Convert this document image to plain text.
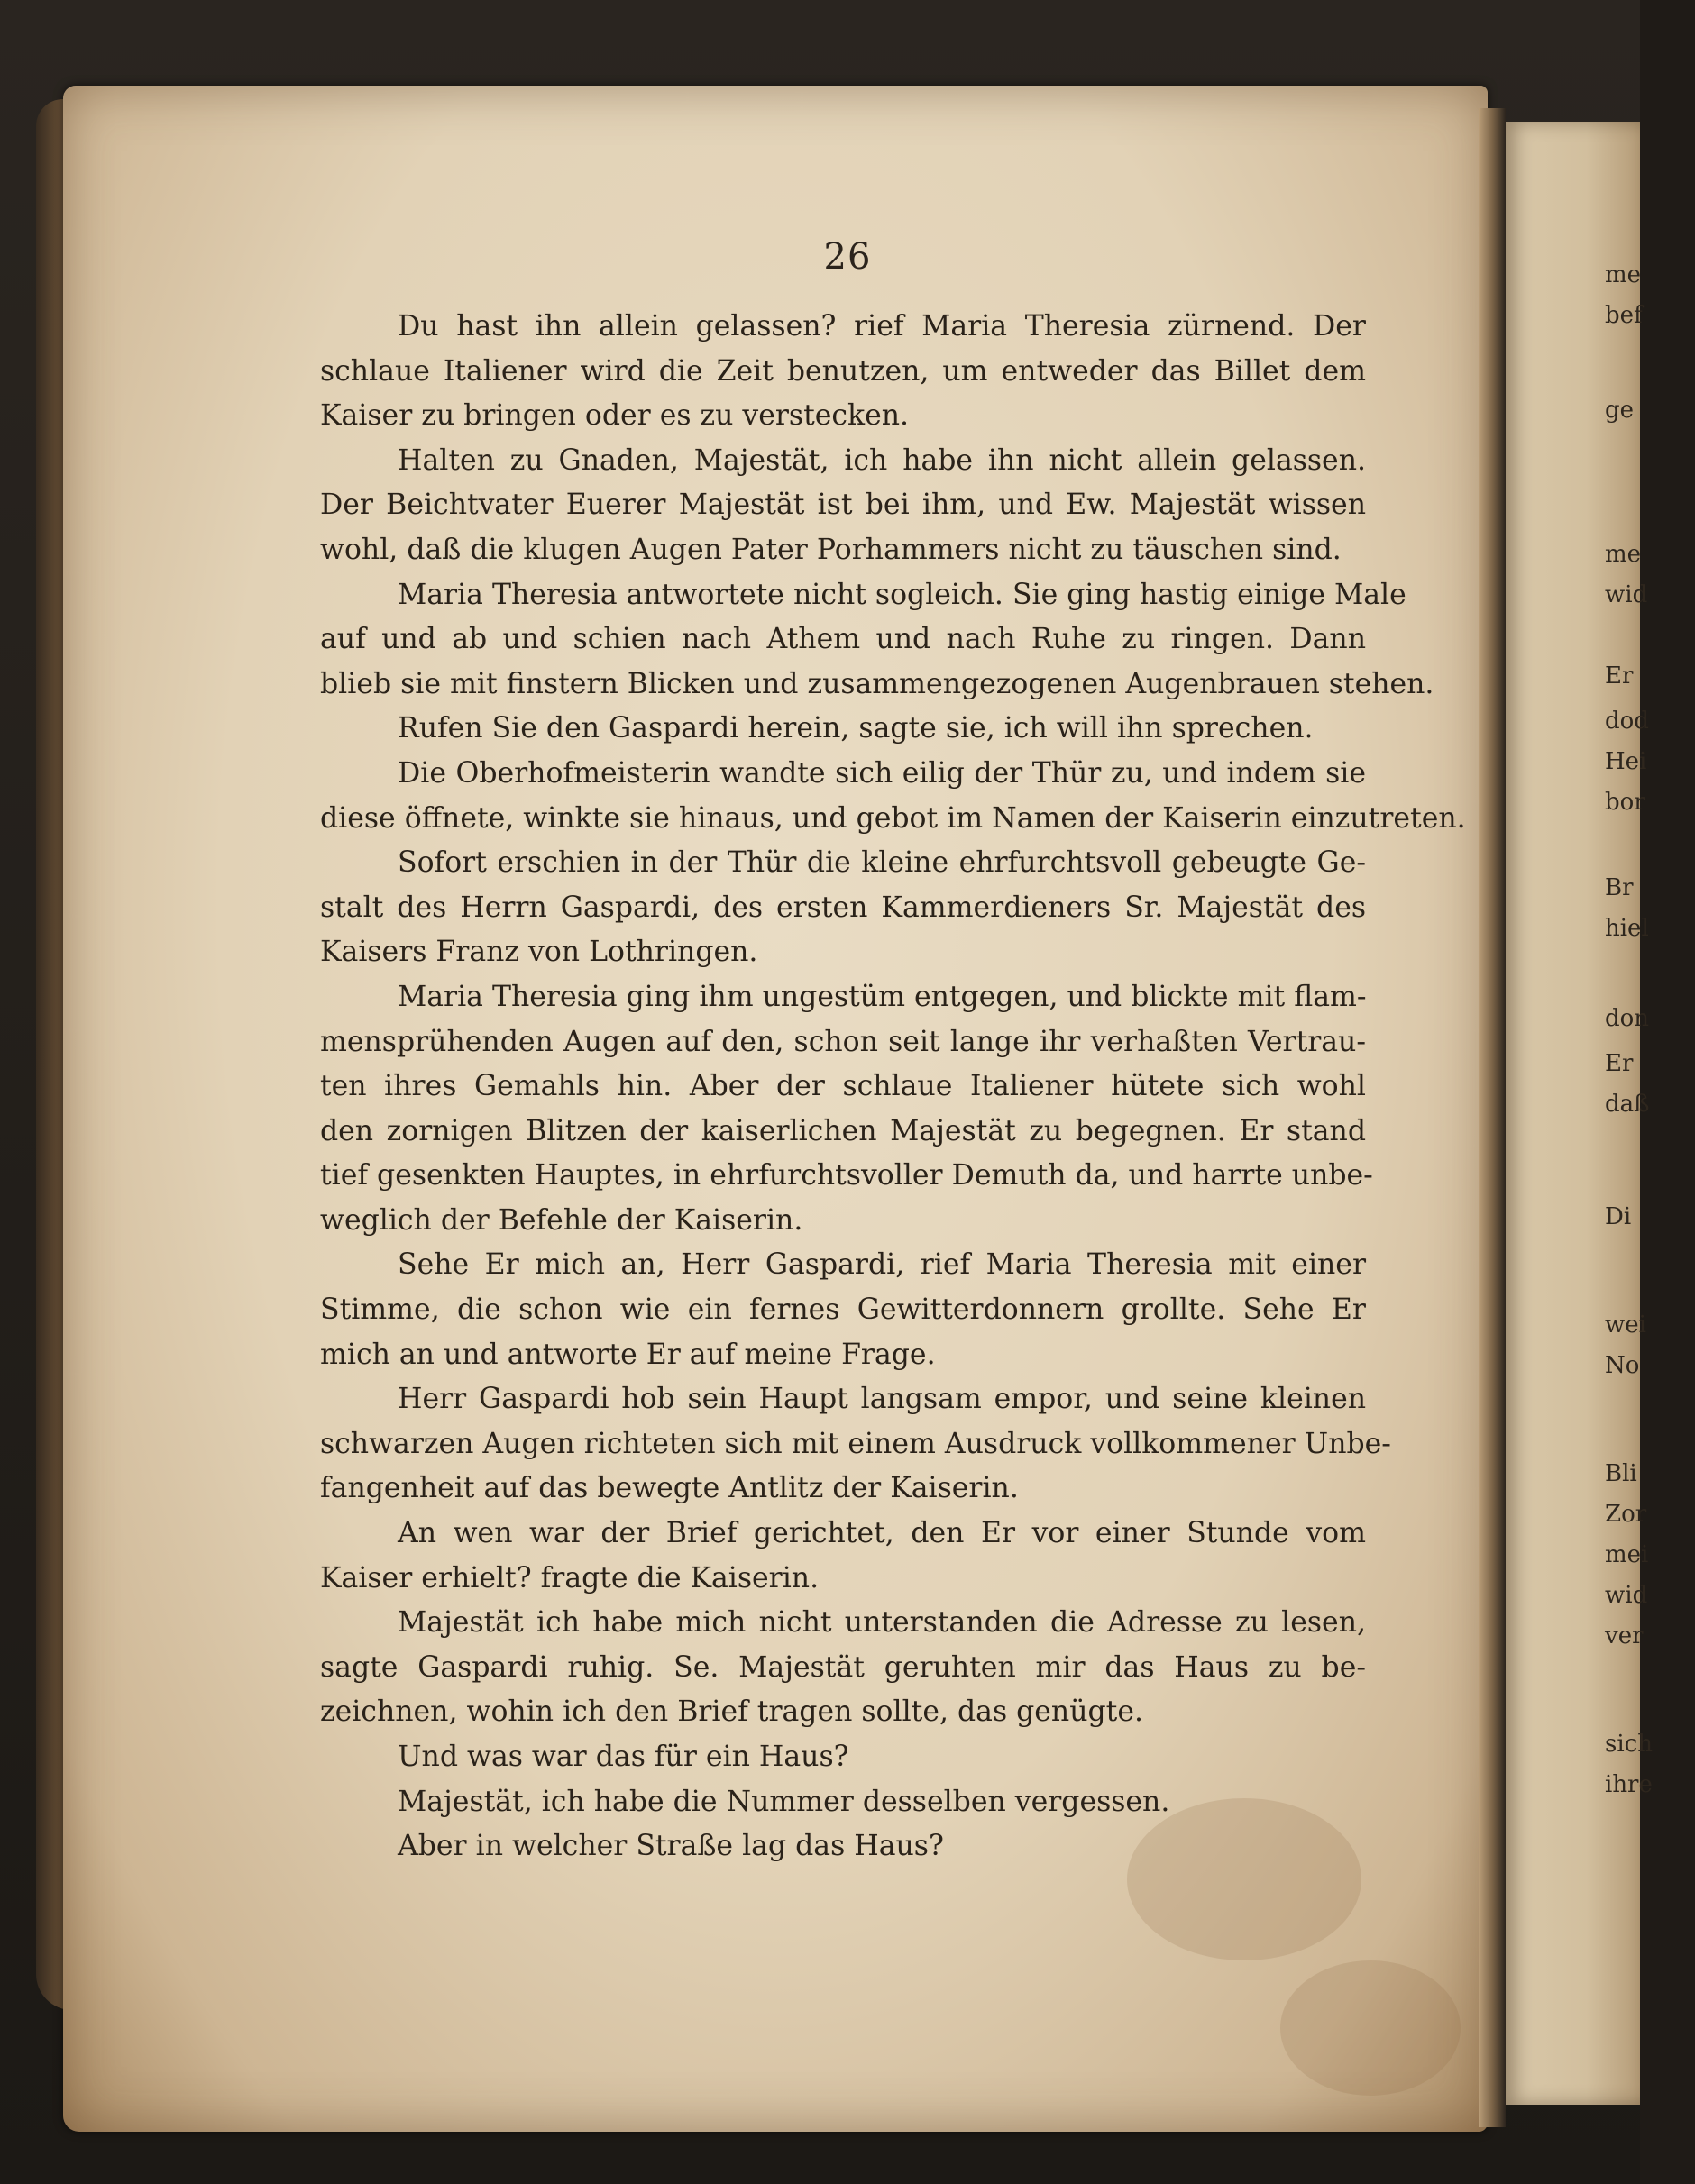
me
bef
ge
me
wid
Er
dod
Hei
bor
Br
hiel
don
Er
daß
Di
wei
No
Bli
Zor
mei
wid
ver
sich
ihre
26
Du hast ihn allein gelassen? rief Maria Theresia zürnend. Der
schlaue Italiener wird die Zeit benutzen, um entweder das Billet dem
Kaiser zu bringen oder es zu verstecken.
Halten zu Gnaden, Majestät, ich habe ihn nicht allein gelassen.
Der Beichtvater Euerer Majestät ist bei ihm, und Ew. Majestät wissen
wohl, daß die klugen Augen Pater Porhammers nicht zu täuschen sind.
Maria Theresia antwortete nicht sogleich. Sie ging hastig einige Male
auf und ab und schien nach Athem und nach Ruhe zu ringen. Dann
blieb sie mit finstern Blicken und zusammengezogenen Augenbrauen stehen.
Rufen Sie den Gaspardi herein, sagte sie, ich will ihn sprechen.
Die Oberhofmeisterin wandte sich eilig der Thür zu, und indem sie
diese öffnete, winkte sie hinaus, und gebot im Namen der Kaiserin einzutreten.
Sofort erschien in der Thür die kleine ehrfurchtsvoll gebeugte Ge-
stalt des Herrn Gaspardi, des ersten Kammerdieners Sr. Majestät des
Kaisers Franz von Lothringen.
Maria Theresia ging ihm ungestüm entgegen, und blickte mit flam-
mensprühenden Augen auf den, schon seit lange ihr verhaßten Vertrau-
ten ihres Gemahls hin. Aber der schlaue Italiener hütete sich wohl
den zornigen Blitzen der kaiserlichen Majestät zu begegnen. Er stand
tief gesenkten Hauptes, in ehrfurchtsvoller Demuth da, und harrte unbe-
weglich der Befehle der Kaiserin.
Sehe Er mich an, Herr Gaspardi, rief Maria Theresia mit einer
Stimme, die schon wie ein fernes Gewitterdonnern grollte. Sehe Er
mich an und antworte Er auf meine Frage.
Herr Gaspardi hob sein Haupt langsam empor, und seine kleinen
schwarzen Augen richteten sich mit einem Ausdruck vollkommener Unbe-
fangenheit auf das bewegte Antlitz der Kaiserin.
An wen war der Brief gerichtet, den Er vor einer Stunde vom
Kaiser erhielt? fragte die Kaiserin.
Majestät ich habe mich nicht unterstanden die Adresse zu lesen,
sagte Gaspardi ruhig. Se. Majestät geruhten mir das Haus zu be-
zeichnen, wohin ich den Brief tragen sollte, das genügte.
Und was war das für ein Haus?
Majestät, ich habe die Nummer desselben vergessen.
Aber in welcher Straße lag das Haus?
